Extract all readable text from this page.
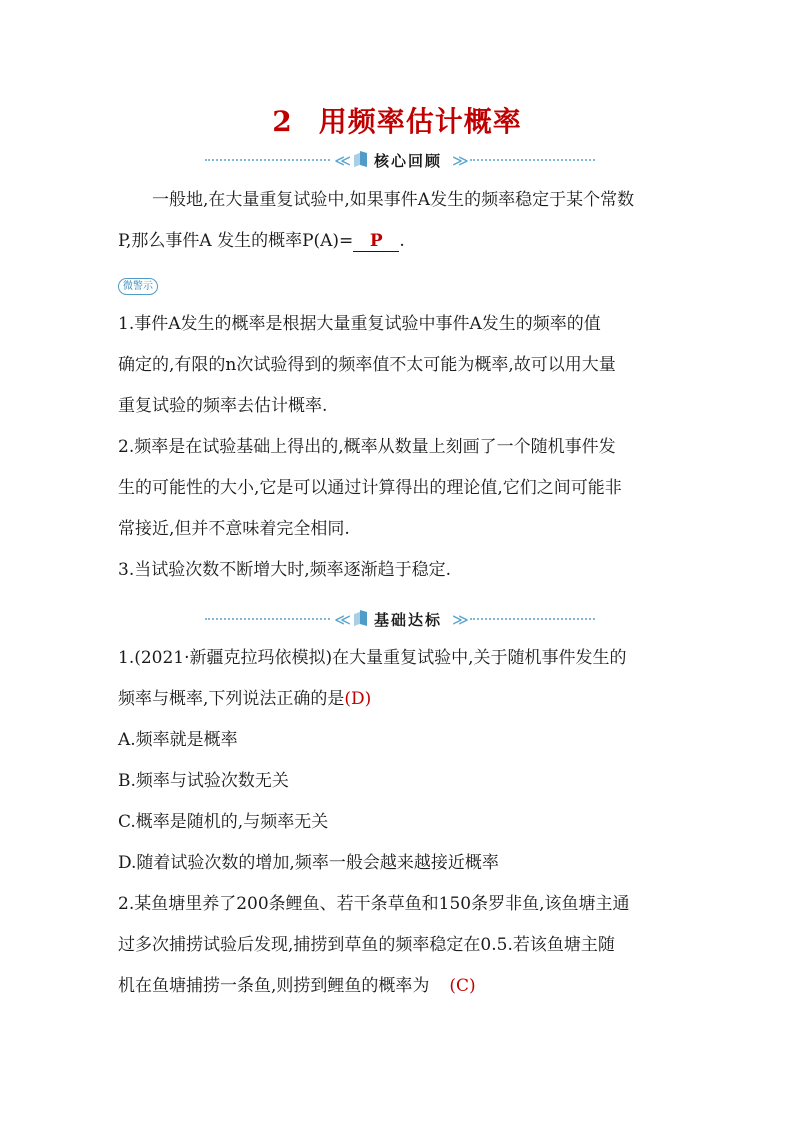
2 用频率估计概率
≪ 核心回顾 ≫
一般地,在大量重复试验中,如果事件A发生的频率稳定于某个常数
P,那么事件A 发生的概率P(A)= P .
微警示
1.事件A发生的概率是根据大量重复试验中事件A发生的频率的值
确定的,有限的n次试验得到的频率值不太可能为概率,故可以用大量
重复试验的频率去估计概率.
2.频率是在试验基础上得出的,概率从数量上刻画了一个随机事件发
生的可能性的大小,它是可以通过计算得出的理论值,它们之间可能非
常接近,但并不意味着完全相同.
3.当试验次数不断增大时,频率逐渐趋于稳定.
≪ 基础达标 ≫
1.(2021·新疆克拉玛依模拟)在大量重复试验中,关于随机事件发生的
频率与概率,下列说法正确的是(D)
A.频率就是概率
B.频率与试验次数无关
C.概率是随机的,与频率无关
D.随着试验次数的增加,频率一般会越来越接近概率
2.某鱼塘里养了200条鲤鱼、若干条草鱼和150条罗非鱼,该鱼塘主通
过多次捕捞试验后发现,捕捞到草鱼的频率稳定在0.5.若该鱼塘主随
机在鱼塘捕捞一条鱼,则捞到鲤鱼的概率为 (C)
